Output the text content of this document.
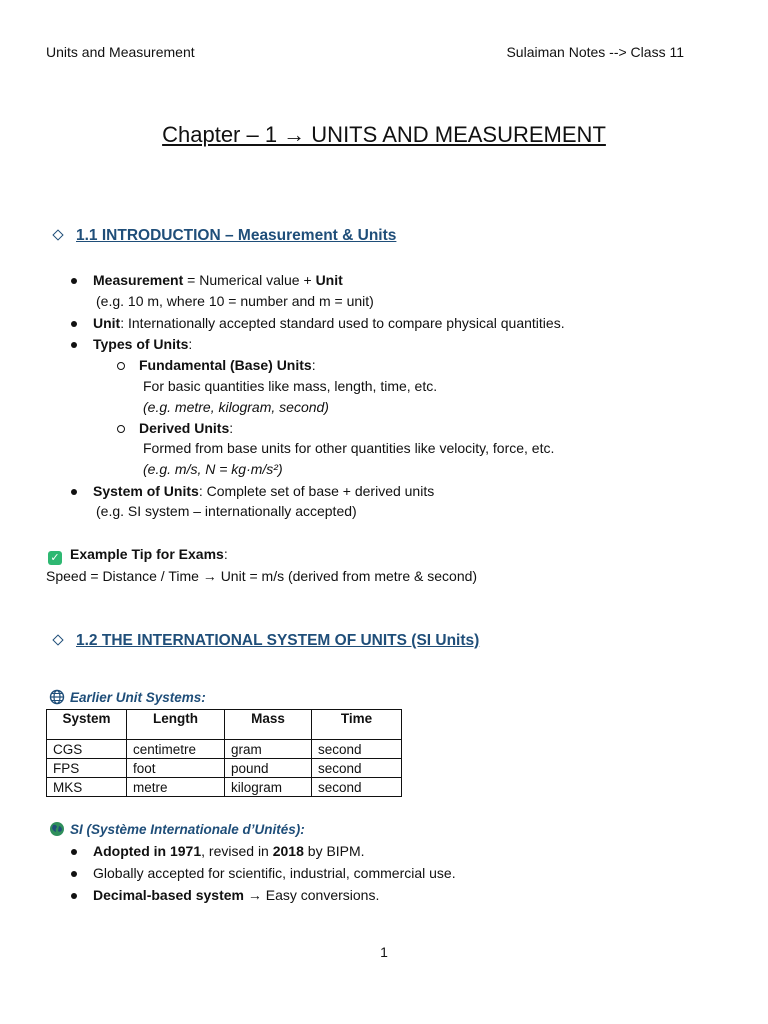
Units and Measurement	Sulaiman Notes --> Class 11
Chapter – 1 → UNITS AND MEASUREMENT
1.1 INTRODUCTION – Measurement & Units
Measurement = Numerical value + Unit
(e.g. 10 m, where 10 = number and m = unit)
Unit: Internationally accepted standard used to compare physical quantities.
Types of Units:
Fundamental (Base) Units:
For basic quantities like mass, length, time, etc.
(e.g. metre, kilogram, second)
Derived Units:
Formed from base units for other quantities like velocity, force, etc.
(e.g. m/s, N = kg·m/s²)
System of Units: Complete set of base + derived units
(e.g. SI system – internationally accepted)
✓ Example Tip for Exams:
Speed = Distance / Time → Unit = m/s (derived from metre & second)
1.2 THE INTERNATIONAL SYSTEM OF UNITS (SI Units)
Earlier Unit Systems:
System	Length	Mass	Time
CGS	centimetre	gram	second
FPS	foot	pound	second
MKS	metre	kilogram	second
SI (Système Internationale d’Unités):
Adopted in 1971, revised in 2018 by BIPM.
Globally accepted for scientific, industrial, commercial use.
Decimal-based system → Easy conversions.
1
